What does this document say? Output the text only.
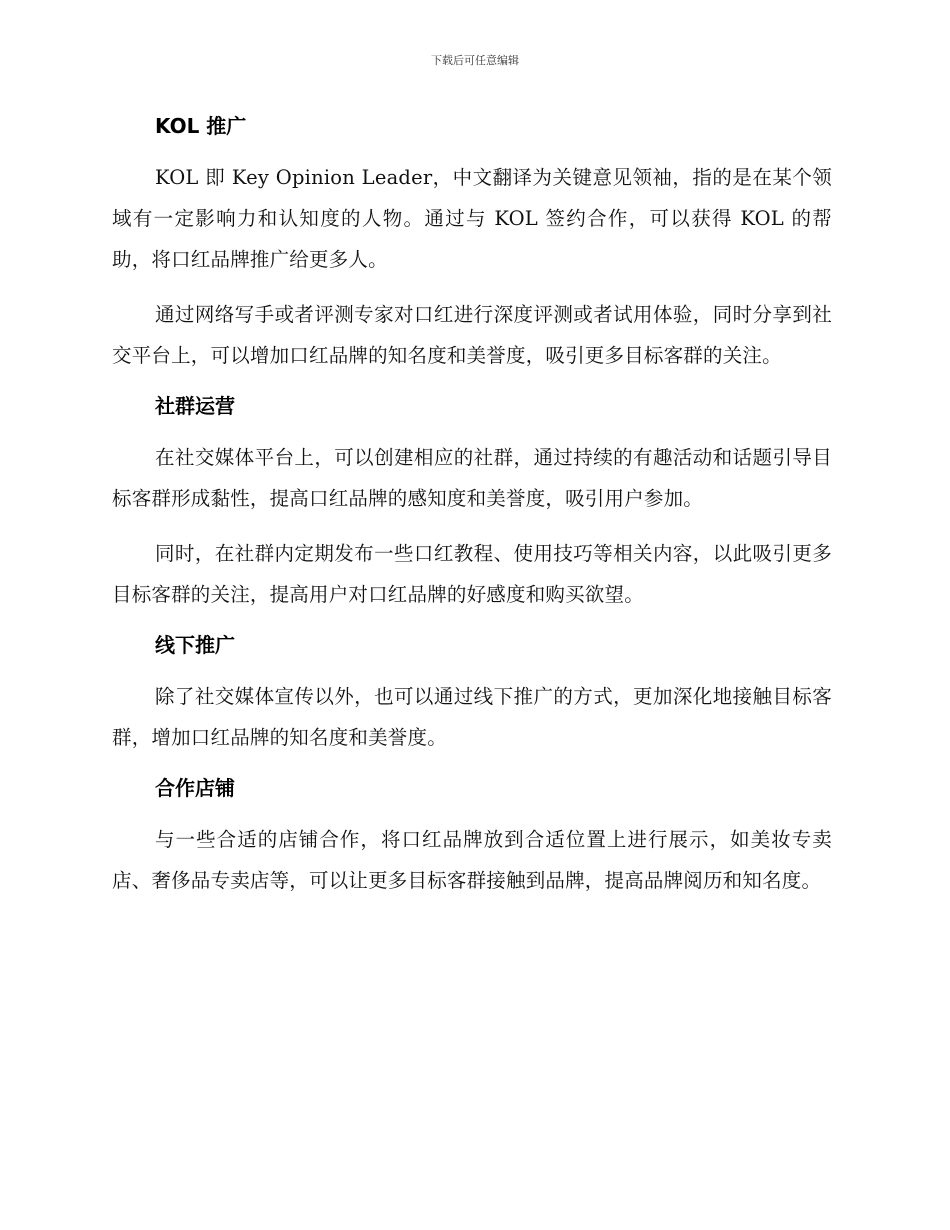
下载后可任意编辑
KOL 推广

KOL 即 Key Opinion Leader，中文翻译为关键意见领袖，指的是在某个领域有一定影响力和认知度的人物。通过与 KOL 签约合作，可以获得 KOL 的帮助，将口红品牌推广给更多人。

通过网络写手或者评测专家对口红进行深度评测或者试用体验，同时分享到社交平台上，可以增加口红品牌的知名度和美誉度，吸引更多目标客群的关注。

社群运营

在社交媒体平台上，可以创建相应的社群，通过持续的有趣活动和话题引导目标客群形成黏性，提高口红品牌的感知度和美誉度，吸引用户参加。

同时，在社群内定期发布一些口红教程、使用技巧等相关内容，以此吸引更多目标客群的关注，提高用户对口红品牌的好感度和购买欲望。

线下推广

除了社交媒体宣传以外，也可以通过线下推广的方式，更加深化地接触目标客群，增加口红品牌的知名度和美誉度。

合作店铺

与一些合适的店铺合作，将口红品牌放到合适位置上进行展示，如美妆专卖店、奢侈品专卖店等，可以让更多目标客群接触到品牌，提高品牌阅历和知名度。
